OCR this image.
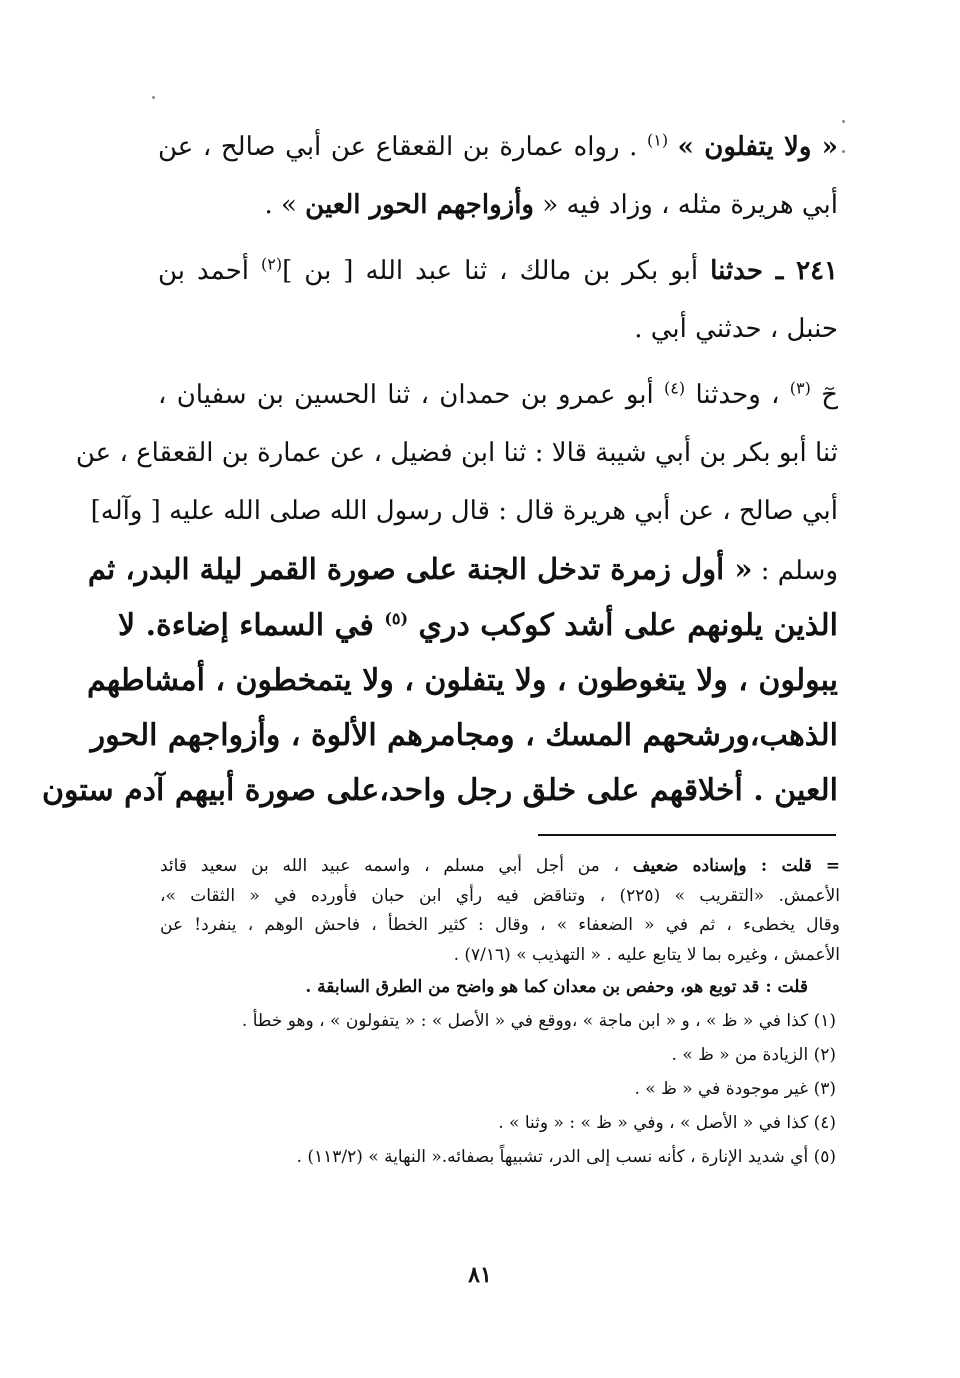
« ولا يتفلون » $^{(١)}$ . رواه عمارة بن القعقاع عن أبي صالح ، عن
أبي هريرة مثله ، وزاد فيه « وأزواجهم الحور العين » .
٢٤١ ـ حدثنا أبو بكر بن مالك ، ثنا عبد الله [ بن ]$^{(٢)}$ أحمد بن
حنبل ، حدثني أبي .
حٓ $^{(٣)}$ ، وحدثنا $^{(٤)}$ أبو عمرو بن حمدان ، ثنا الحسين بن سفيان ،
ثنا أبو بكر بن أبي شيبة قالا : ثنا ابن فضيل ، عن عمارة بن القعقاع ، عن
أبي صالح ، عن أبي هريرة قال : قال رسول الله صلى الله عليه [ وآله]
وسلم : « أول زمرة تدخل الجنة على صورة القمر ليلة البدر، ثم
الذين يلونهم على أشد كوكب دري $^{(٥)}$ في السماء إضاءة. لا
يبولون ، ولا يتغوطون ، ولا يتفلون ، ولا يتمخطون ، أمشاطهم
الذهب،ورشحهم المسك ، ومجامرهم الألوة ، وأزواجهم الحور
العين . أخلاقهم على خلق رجل واحد،على صورة أبيهم آدم ستون
= قلت : وإسناده ضعيف ، من أجل أبي مسلم ، واسمه عبيد الله بن سعيد قائد
الأعمش. «التقريب » (٢٢٥) ، وتناقض فيه رأي ابن حبان فأورده في « الثقات »،
وقال يخطىء ، ثم في « الضعفاء » ، وقال : كثير الخطأ ، فاحش الوهم ، ينفرد! عن
الأعمش ، وغيره بما لا يتابع عليه . « التهذيب » (٧/١٦) .
قلت : قد توبع هو، وحفص بن معدان كما هو واضح من الطرق السابقة .
(١) كذا في « ظ » ، و « ابن ماجة » ،ووقع في « الأصل » : « يتفولون » ، وهو خطأ .
(٢) الزيادة من « ظ » .
(٣) غير موجودة في « ظ » .
(٤) كذا في « الأصل » ، وفي « ظ » : « وثنا » .
(٥) أي شديد الإنارة ، كأنه نسب إلى الدر، تشبيهاً بصفائه.« النهاية » (١١٣/٢) .
٨١
